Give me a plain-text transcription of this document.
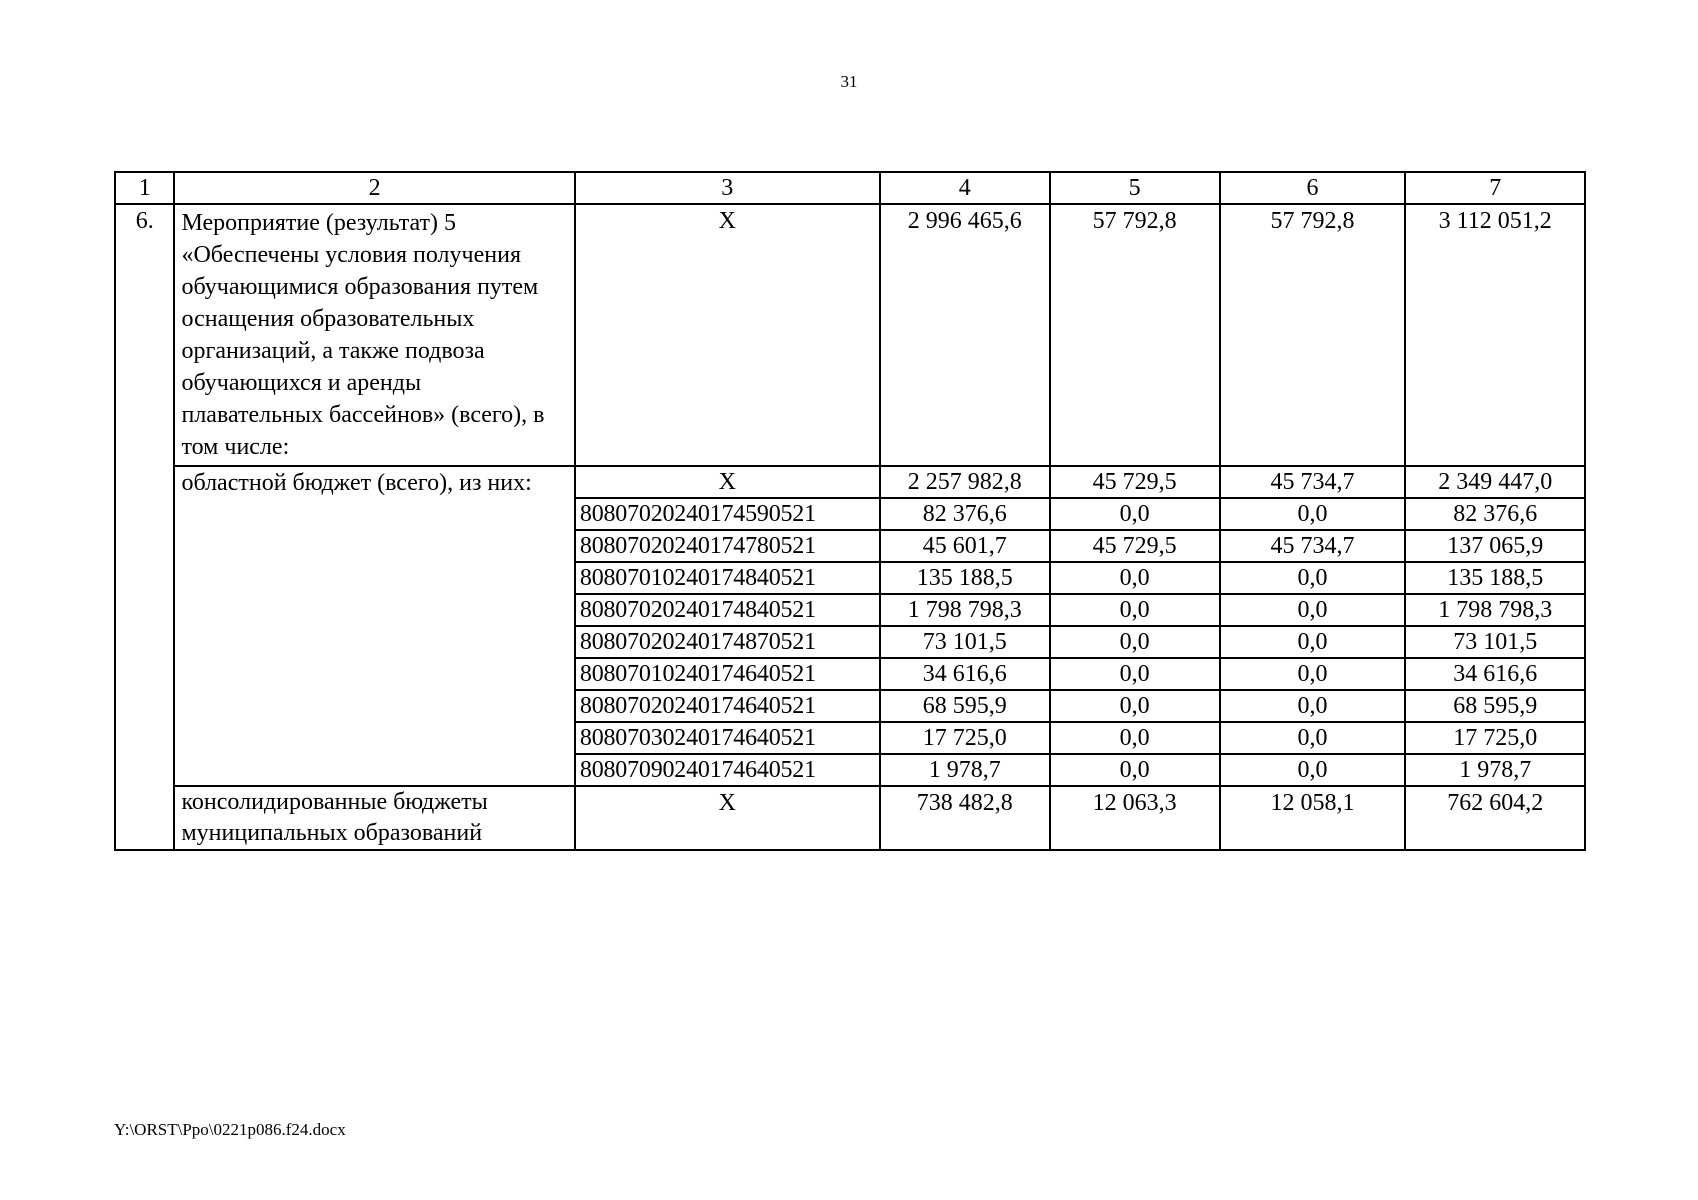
31
1	2	3	4	5	6	7
6.	Мероприятие (результат) 5 «Обеспечены условия получения обучающимися образования путем оснащения образовательных организаций, а также подвоза обучающихся и аренды плавательных бассейнов» (всего), в том числе:	Х	2 996 465,6	57 792,8	57 792,8	3 112 051,2
	областной бюджет (всего), из них:	Х	2 257 982,8	45 729,5	45 734,7	2 349 447,0
		80807020240174590521	82 376,6	0,0	0,0	82 376,6
		80807020240174780521	45 601,7	45 729,5	45 734,7	137 065,9
		80807010240174840521	135 188,5	0,0	0,0	135 188,5
		80807020240174840521	1 798 798,3	0,0	0,0	1 798 798,3
		80807020240174870521	73 101,5	0,0	0,0	73 101,5
		80807010240174640521	34 616,6	0,0	0,0	34 616,6
		80807020240174640521	68 595,9	0,0	0,0	68 595,9
		80807030240174640521	17 725,0	0,0	0,0	17 725,0
		80807090240174640521	1 978,7	0,0	0,0	1 978,7
	консолидированные бюджеты муниципальных образований	Х	738 482,8	12 063,3	12 058,1	762 604,2
Y:\ORST\Ppo\0221p086.f24.docx
